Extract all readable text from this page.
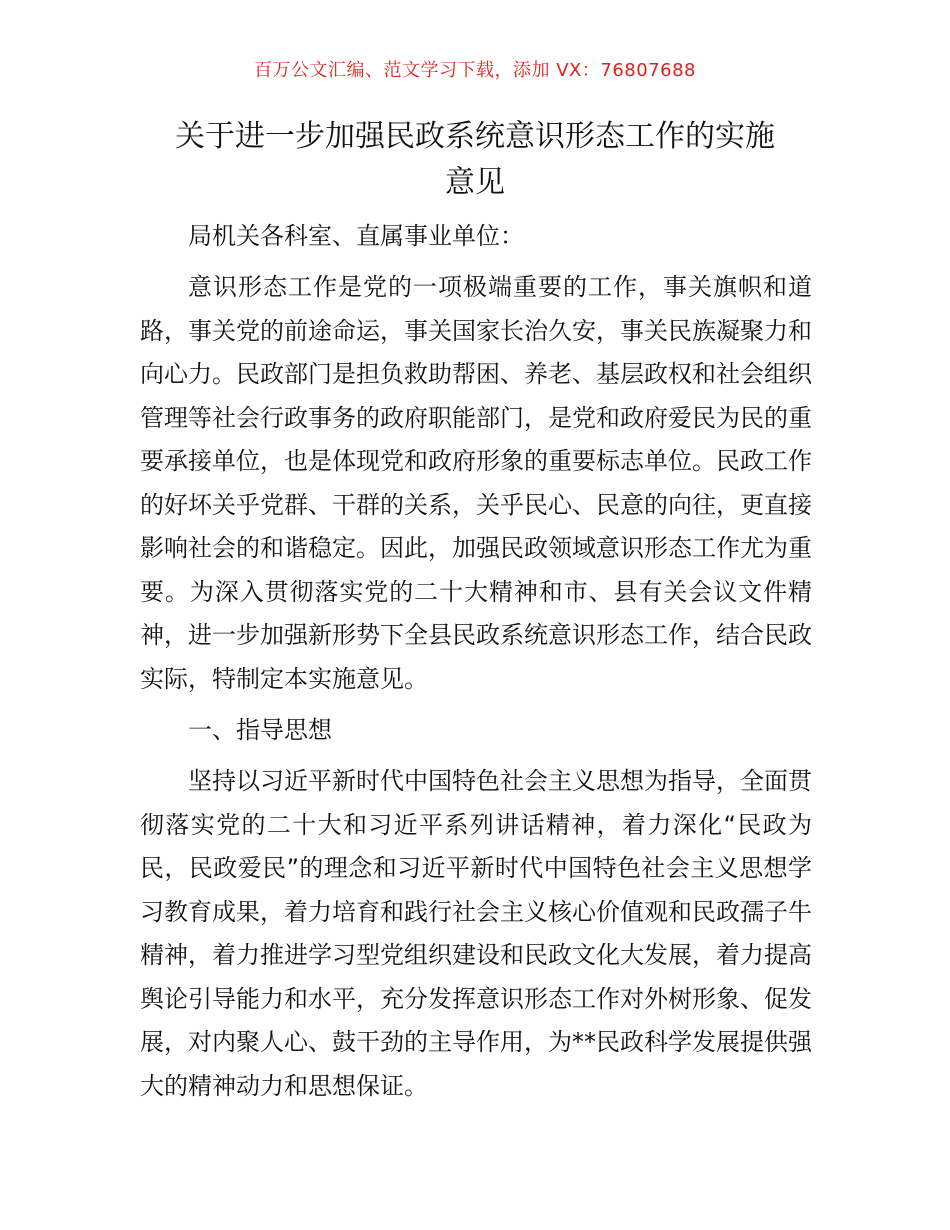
百万公文汇编、范文学习下载，添加 VX：76807688
关于进一步加强民政系统意识形态工作的实施
意见

局机关各科室、直属事业单位：

意识形态工作是党的一项极端重要的工作，事关旗帜和道路，事关党的前途命运，事关国家长治久安，事关民族凝聚力和向心力。民政部门是担负救助帮困、养老、基层政权和社会组织管理等社会行政事务的政府职能部门，是党和政府爱民为民的重要承接单位，也是体现党和政府形象的重要标志单位。民政工作的好坏关乎党群、干群的关系，关乎民心、民意的向往，更直接影响社会的和谐稳定。因此，加强民政领域意识形态工作尤为重要。为深入贯彻落实党的二十大精神和市、县有关会议文件精神，进一步加强新形势下全县民政系统意识形态工作，结合民政实际，特制定本实施意见。

一、指导思想

坚持以习近平新时代中国特色社会主义思想为指导，全面贯彻落实党的二十大和习近平系列讲话精神，着力深化“民政为民，民政爱民”的理念和习近平新时代中国特色社会主义思想学习教育成果，着力培育和践行社会主义核心价值观和民政孺子牛精神，着力推进学习型党组织建设和民政文化大发展，着力提高舆论引导能力和水平，充分发挥意识形态工作对外树形象、促发展，对内聚人心、鼓干劲的主导作用，为**民政科学发展提供强大的精神动力和思想保证。
